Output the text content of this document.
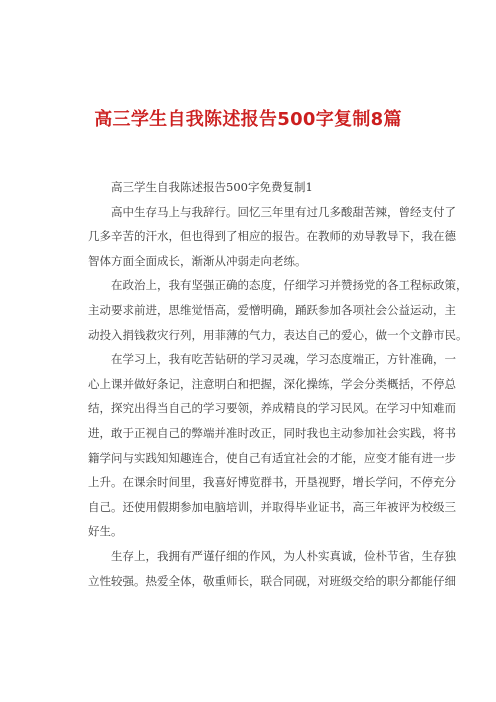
高三学生自我陈述报告500字复制8篇
高三学生自我陈述报告500字免费复制1
高中生存马上与我辞行。回忆三年里有过几多酸甜苦辣，曾经支付了
几多辛苦的汗水，但也得到了相应的报告。在教师的劝导教导下，我在德
智体方面全面成长，渐渐从冲弱走向老练。
在政治上，我有坚强正确的态度，仔细学习并赞扬党的各工程标政策，
主动要求前进，思维觉悟高，爱憎明确，踊跃参加各项社会公益运动，主
动投入捐钱救灾行列，用菲薄的气力，表达自己的爱心，做一个文静市民。
在学习上，我有吃苦钻研的学习灵魂，学习态度端正，方针准确，一
心上课并做好条记，注意明白和把握，深化操练，学会分类概括，不停总
结，探究出得当自己的学习要领，养成精良的学习民风。在学习中知难而
进，敢于正视自己的弊端并准时改正，同时我也主动参加社会实践，将书
籍学问与实践知知趣连合，使自己有适宜社会的才能，应变才能有进一步
上升。在课余时间里，我喜好博览群书，开垦视野，增长学问，不停充分
自己。还使用假期参加电脑培训，并取得毕业证书，高三年被评为校级三
好生。
生存上，我拥有严谨仔细的作风，为人朴实真诚，俭朴节省，生存独
立性较强。热爱全体，敬重师长，联合同砚，对班级交给的职分都能仔细
